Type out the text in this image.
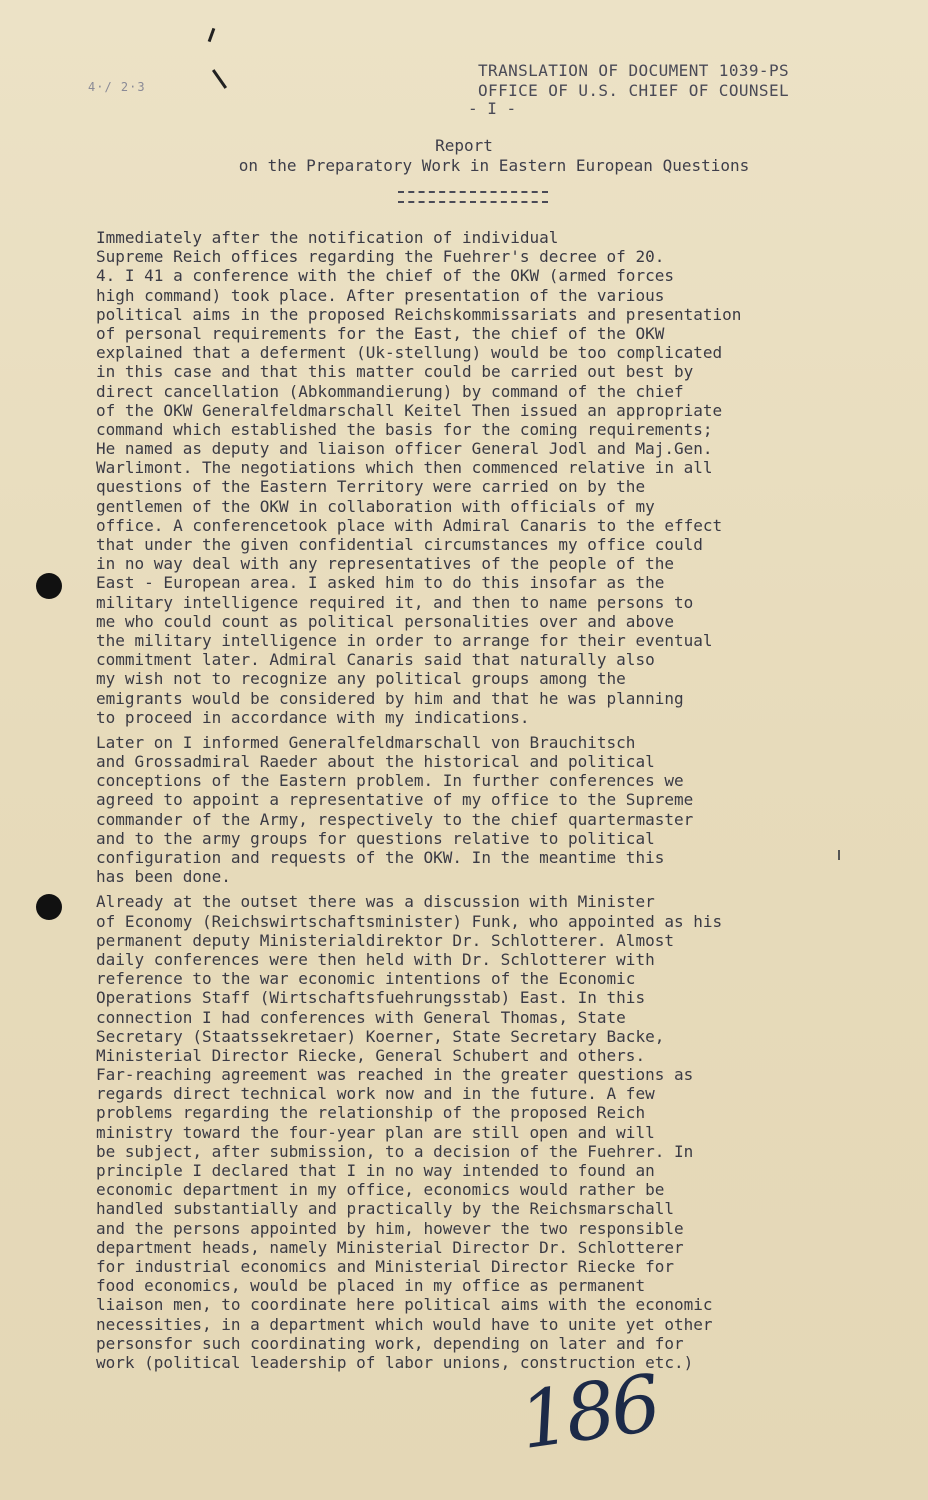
4·/ 2·3
TRANSLATION OF DOCUMENT 1039-PS
OFFICE OF U.S. CHIEF OF COUNSEL
- I -
Report
on the Preparatory Work in Eastern European Questions
Immediately after the notification of individual
Supreme Reich offices regarding the Fuehrer's decree of 20.
4. I 41 a conference with the chief of the OKW (armed forces
high command) took place. After presentation of the various
political aims in the proposed Reichskommissariats and presentation
of personal requirements for the East, the chief of the OKW
explained that a deferment (Uk-stellung) would be too complicated
in this case and that this matter could be carried out best by
direct cancellation (Abkommandierung) by command of the chief
of the OKW Generalfeldmarschall Keitel Then issued an appropriate
command which established the basis for the coming requirements;
He named as deputy and liaison officer General Jodl and Maj.Gen.
Warlimont. The negotiations which then commenced relative in all
questions of the Eastern Territory were carried on by the
gentlemen of the OKW in collaboration with officials of my
office. A conferencetook place with Admiral Canaris to the effect
that under the given confidential circumstances my office could
in no way deal with any representatives of the people of the
East - European area. I asked him to do this insofar as the
military intelligence required it, and then to name persons to
me who could count as political personalities over and above
the military intelligence in order to arrange for their eventual
commitment later. Admiral Canaris said that naturally also
my wish not to recognize any political groups among the
emigrants would be considered by him and that he was planning
to proceed in accordance with my indications.
Later on I informed Generalfeldmarschall von Brauchitsch
and Grossadmiral Raeder about the historical and political
conceptions of the Eastern problem. In further conferences we
agreed to appoint a representative of my office to the Supreme
commander of the Army, respectively to the chief quartermaster
and to the army groups for questions relative to political
configuration and requests of the OKW. In the meantime this
has been done.
Already at the outset there was a discussion with Minister
of Economy (Reichswirtschaftsminister) Funk, who appointed as his
permanent deputy Ministerialdirektor Dr. Schlotterer. Almost
daily conferences were then held with Dr. Schlotterer with
reference to the war economic intentions of the Economic
Operations Staff (Wirtschaftsfuehrungsstab) East. In this
connection I had conferences with General Thomas, State
Secretary (Staatssekretaer) Koerner, State Secretary Backe,
Ministerial Director Riecke, General Schubert and others.
Far-reaching agreement was reached in the greater questions as
regards direct technical work now and in the future. A few
problems regarding the relationship of the proposed Reich
ministry toward the four-year plan are still open and will
be subject, after submission, to a decision of the Fuehrer. In
principle I declared that I in no way intended to found an
economic department in my office, economics would rather be
handled substantially and practically by the Reichsmarschall
and the persons appointed by him, however the two responsible
department heads, namely Ministerial Director Dr. Schlotterer
for industrial economics and Ministerial Director Riecke for
food economics, would be placed in my office as permanent
liaison men, to coordinate here political aims with the economic
necessities, in a department which would have to unite yet other
personsfor such coordinating work, depending on later and for
work (political leadership of labor unions, construction etc.)
186
